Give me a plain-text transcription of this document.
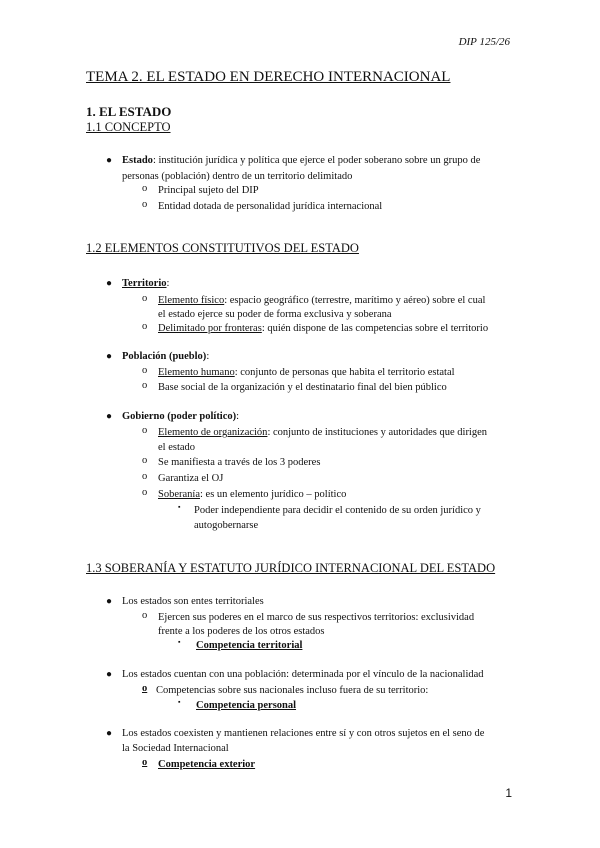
DIP 125/26
TEMA 2. EL ESTADO EN DERECHO INTERNACIONAL
1. EL ESTADO
1.1 CONCEPTO
● Estado: institución jurídica y política que ejerce el poder soberano sobre un grupo de
personas (población) dentro de un territorio delimitado
o Principal sujeto del DIP
o Entidad dotada de personalidad jurídica internacional
1.2 ELEMENTOS CONSTITUTIVOS DEL ESTADO
● Territorio:
o Elemento físico: espacio geográfico (terrestre, marítimo y aéreo) sobre el cual
el estado ejerce su poder de forma exclusiva y soberana
o Delimitado por fronteras: quién dispone de las competencias sobre el territorio
● Población (pueblo):
o Elemento humano: conjunto de personas que habita el territorio estatal
o Base social de la organización y el destinatario final del bien público
● Gobierno (poder político):
o Elemento de organización: conjunto de instituciones y autoridades que dirigen
el estado
o Se manifiesta a través de los 3 poderes
o Garantiza el OJ
o Soberanía: es un elemento jurídico – político
▪ Poder independiente para decidir el contenido de su orden jurídico y
autogobernarse
1.3 SOBERANÍA Y ESTATUTO JURÍDICO INTERNACIONAL DEL ESTADO
● Los estados son entes territoriales
o Ejercen sus poderes en el marco de sus respectivos territorios: exclusividad
frente a los poderes de los otros estados
▪ Competencia territorial
● Los estados cuentan con una población: determinada por el vínculo de la nacionalidad
o Competencias sobre sus nacionales incluso fuera de su territorio:
▪ Competencia personal
● Los estados coexisten y mantienen relaciones entre sí y con otros sujetos en el seno de
la Sociedad Internacional
o Competencia exterior
1
